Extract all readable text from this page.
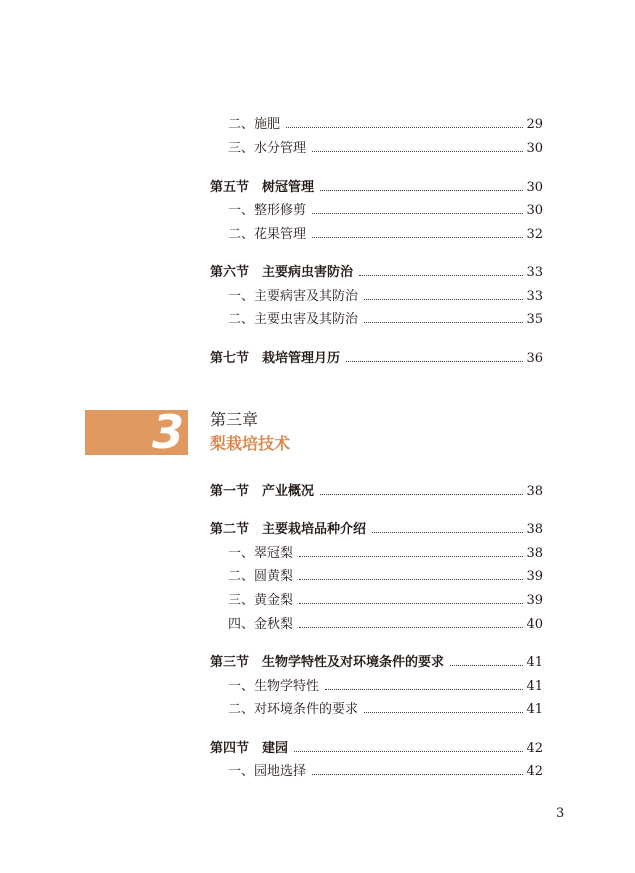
二、施肥	29
三、水分管理	30
第五节　树冠管理	30
一、整形修剪	30
二、花果管理	32
第六节　主要病虫害防治	33
一、主要病害及其防治	33
二、主要虫害及其防治	35
第七节　栽培管理月历	36
3 第三章
梨栽培技术
第一节　产业概况	38
第二节　主要栽培品种介绍	38
一、翠冠梨	38
二、圆黄梨	39
三、黄金梨	39
四、金秋梨	40
第三节　生物学特性及对环境条件的要求	41
一、生物学特性	41
二、对环境条件的要求	41
第四节　建园	42
一、园地选择	42
3
